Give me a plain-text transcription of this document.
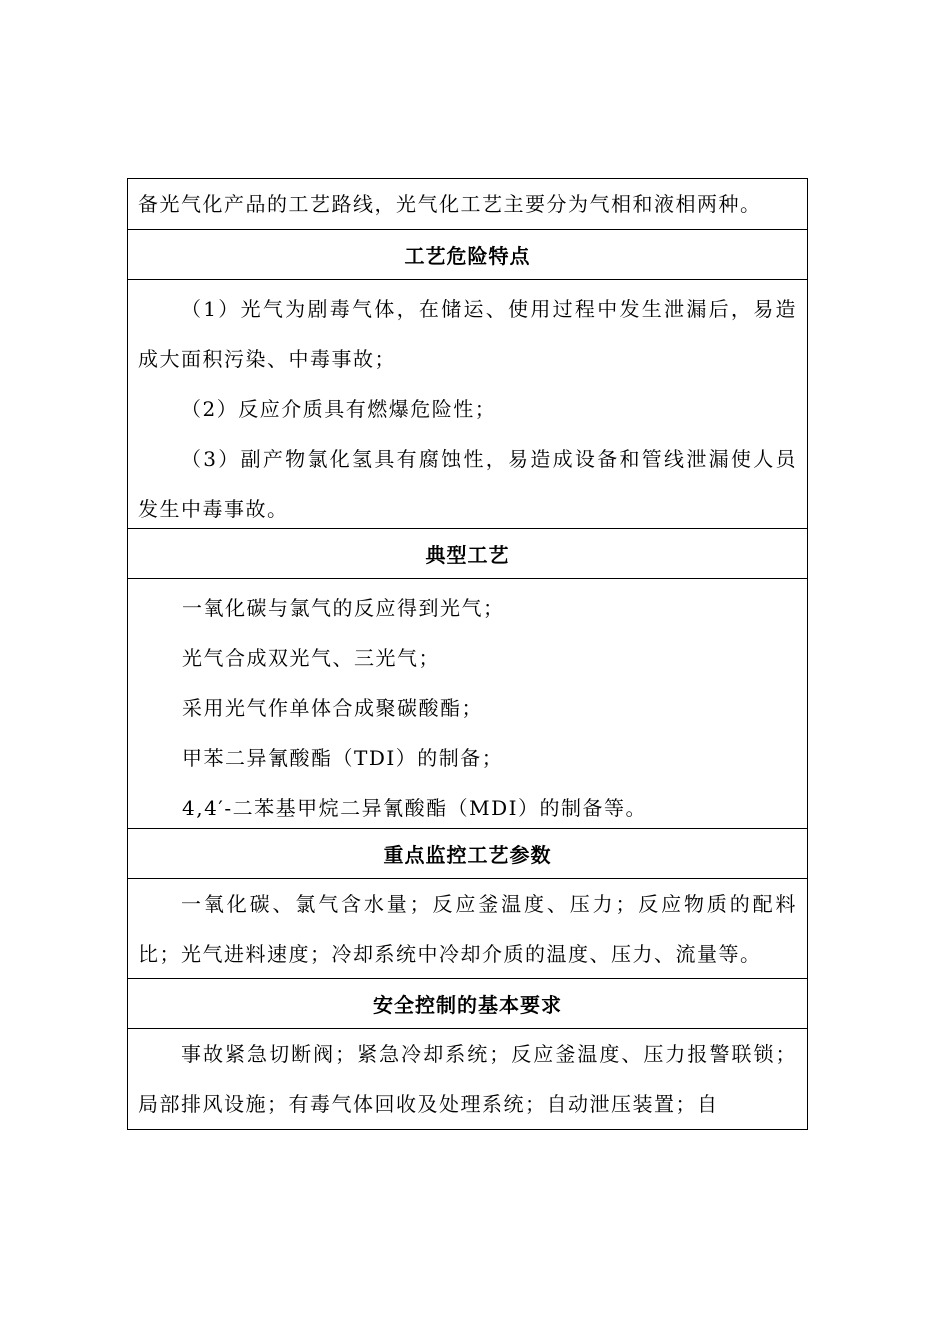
备光气化产品的工艺路线，光气化工艺主要分为气相和液相两种。
工艺危险特点
（1）光气为剧毒气体，在储运、使用过程中发生泄漏后，易造成大面积污染、中毒事故；
（2）反应介质具有燃爆危险性；
（3）副产物氯化氢具有腐蚀性，易造成设备和管线泄漏使人员发生中毒事故。
典型工艺
一氧化碳与氯气的反应得到光气；
光气合成双光气、三光气；
采用光气作单体合成聚碳酸酯；
甲苯二异氰酸酯（TDI）的制备；
4,4′-二苯基甲烷二异氰酸酯（MDI）的制备等。
重点监控工艺参数
一氧化碳、氯气含水量；反应釜温度、压力；反应物质的配料比；光气进料速度；冷却系统中冷却介质的温度、压力、流量等。
安全控制的基本要求
事故紧急切断阀；紧急冷却系统；反应釜温度、压力报警联锁；局部排风设施；有毒气体回收及处理系统；自动泄压装置；自
